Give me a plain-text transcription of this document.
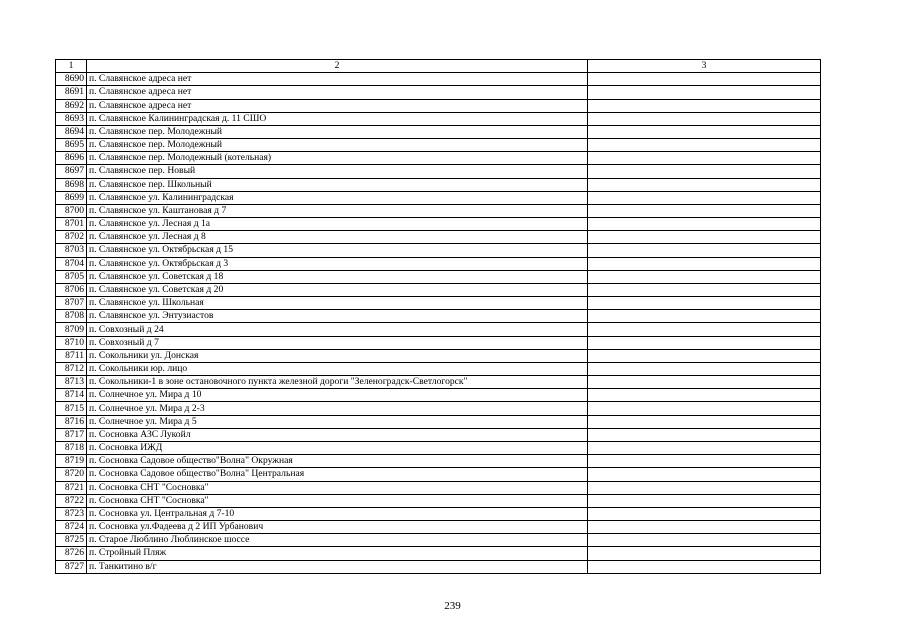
1	2	3
8690	п. Славянское адреса нет	
8691	п. Славянское адреса нет	
8692	п. Славянское адреса нет	
8693	п. Славянское Калининградская д. 11 СШО	
8694	п. Славянское пер. Молодежный	
8695	п. Славянское пер. Молодежный	
8696	п. Славянское пер. Молодежный (котельная)	
8697	п. Славянское пер. Новый	
8698	п. Славянское пер. Школьный	
8699	п. Славянское ул. Калининградская	
8700	п. Славянское ул. Каштановая д 7	
8701	п. Славянское ул. Лесная д 1а	
8702	п. Славянское ул. Лесная д 8	
8703	п. Славянское ул. Октябрьская д 15	
8704	п. Славянское ул. Октябрьская д 3	
8705	п. Славянское ул. Советская д 18	
8706	п. Славянское ул. Советская д 20	
8707	п. Славянское ул. Школьная	
8708	п. Славянское ул. Энтузиастов	
8709	п. Совхозный д 24	
8710	п. Совхозный д 7	
8711	п. Сокольники ул. Донская	
8712	п. Сокольники юр. лицо	
8713	п. Сокольники-1 в зоне остановочного пункта железной дороги "Зеленоградск-Светлогорск"	
8714	п. Солнечное ул. Мира д 10	
8715	п. Солнечное ул. Мира д 2-3	
8716	п. Солнечное ул. Мира д 5	
8717	п. Сосновка АЗС Лукойл	
8718	п. Сосновка ИЖД	
8719	п. Сосновка Садовое общество"Волна" Окружная	
8720	п. Сосновка Садовое общество"Волна" Центральная	
8721	п. Сосновка СНТ "Сосновка"	
8722	п. Сосновка СНТ "Сосновка"	
8723	п. Сосновка ул. Центральная д 7-10	
8724	п. Сосновка ул.Фадеева д 2 ИП Урбанович	
8725	п. Старое Люблино Люблинское шоссе	
8726	п. Стройный Пляж	
8727	п. Танкитино в/г	
239
